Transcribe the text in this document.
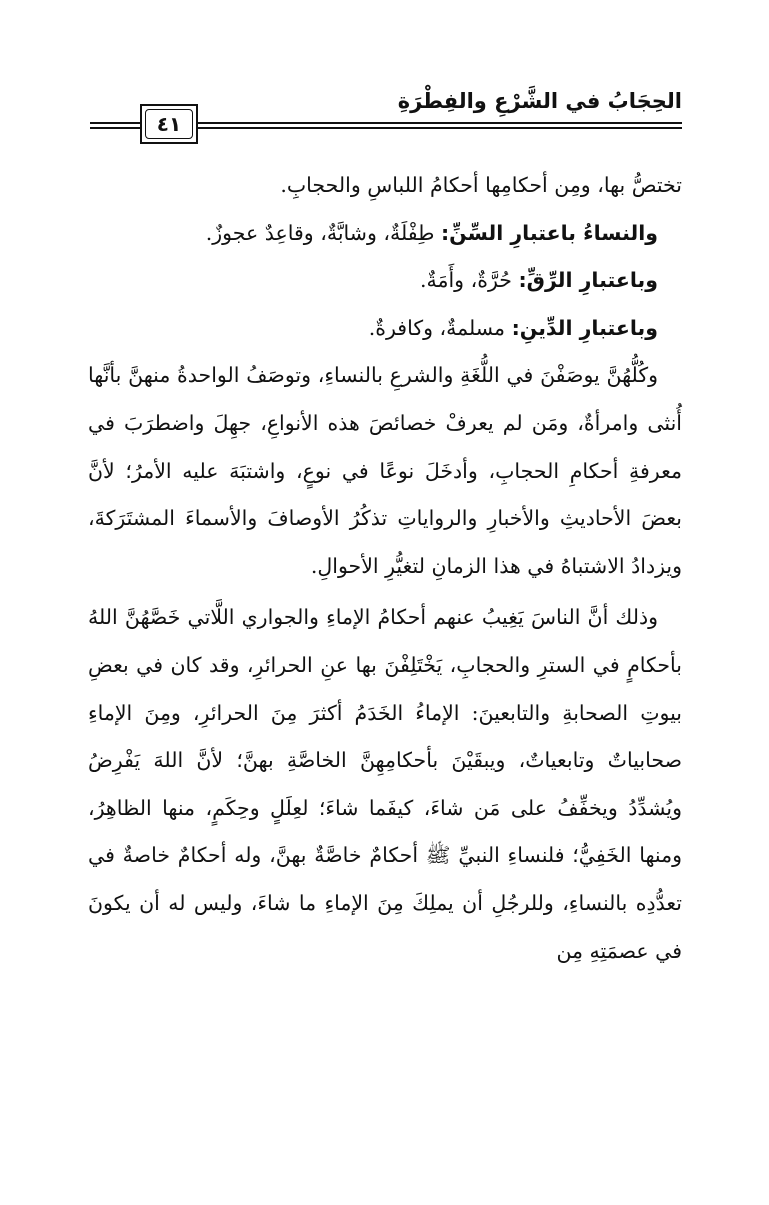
الحِجَابُ في الشَّرْعِ والفِطْرَةِ
٤١

تختصُّ بها، ومِن أحكامِها أحكامُ اللباسِ والحجابِ.

والنساءُ باعتبارِ السِّنِّ: طِفْلَةٌ، وشابَّةٌ، وقاعِدٌ عجوزٌ.

وباعتبارِ الرِّقِّ: حُرَّةٌ، وأَمَةٌ.

وباعتبارِ الدِّينِ: مسلمةٌ، وكافرةٌ.

وكُلُّهُنَّ يوصَفْنَ في اللُّغَةِ والشرعِ بالنساءِ، وتوصَفُ الواحدةُ منهنَّ بأنَّها أُنثى وامرأةٌ، ومَن لم يعرفْ خصائصَ هذه الأنواعِ، جهِلَ واضطرَبَ في معرفةِ أحكامِ الحجابِ، وأدخَلَ نوعًا في نوعٍ، واشتبَهَ عليه الأمرُ؛ لأنَّ بعضَ الأحاديثِ والأخبارِ والرواياتِ تذكُرُ الأوصافَ والأسماءَ المشتَرَكةَ، ويزدادُ الاشتباهُ في هذا الزمانِ لتغيُّرِ الأحوالِ.

وذلك أنَّ الناسَ يَغِيبُ عنهم أحكامُ الإماءِ والجواري اللَّاتي خَصَّهُنَّ اللهُ بأحكامٍ في السترِ والحجابِ، يَخْتَلِفْنَ بها عنِ الحرائرِ، وقد كان في بعضِ بيوتِ الصحابةِ والتابعينَ: الإماءُ الخَدَمُ أكثرَ مِنَ الحرائرِ، ومِنَ الإماءِ صحابياتٌ وتابعياتٌ، ويبقَيْنَ بأحكامِهِنَّ الخاصَّةِ بهنَّ؛ لأنَّ اللهَ يَفْرِضُ ويُشدِّدُ ويخفِّفُ على مَن شاءَ، كيفَما شاءَ؛ لعِلَلٍ وحِكَمٍ، منها الظاهِرُ، ومنها الخَفِيُّ؛ فلنساءِ النبيِّ ﷺ أحكامٌ خاصَّةٌ بهنَّ، وله أحكامٌ خاصةٌ في تعدُّدِه بالنساءِ، وللرجُلِ أن يملِكَ مِنَ الإماءِ ما شاءَ، وليس له أن يكونَ في عصمَتِهِ مِن
